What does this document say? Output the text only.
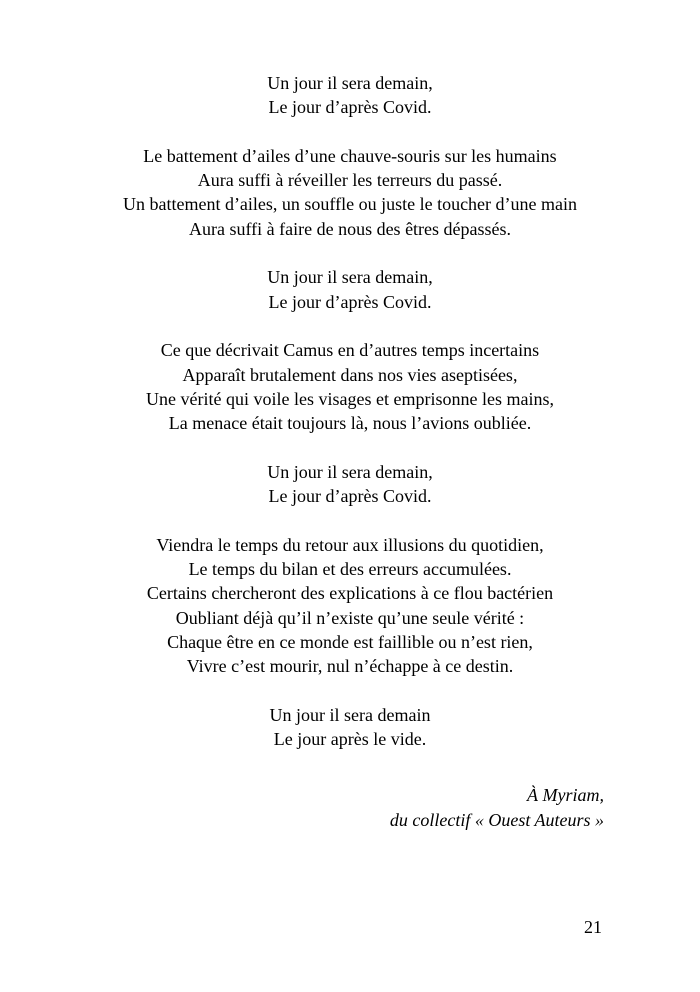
Un jour il sera demain,
Le jour d’après Covid.

Le battement d’ailes d’une chauve-souris sur les humains
Aura suffi à réveiller les terreurs du passé.
Un battement d’ailes, un souffle ou juste le toucher d’une main
Aura suffi à faire de nous des êtres dépassés.

Un jour il sera demain,
Le jour d’après Covid.

Ce que décrivait Camus en d’autres temps incertains
Apparaît brutalement dans nos vies aseptisées,
Une vérité qui voile les visages et emprisonne les mains,
La menace était toujours là, nous l’avions oubliée.

Un jour il sera demain,
Le jour d’après Covid.

Viendra le temps du retour aux illusions du quotidien,
Le temps du bilan et des erreurs accumulées.
Certains chercheront des explications à ce flou bactérien
Oubliant déjà qu’il n’existe qu’une seule vérité :
Chaque être en ce monde est faillible ou n’est rien,
Vivre c’est mourir, nul n’échappe à ce destin.

Un jour il sera demain
Le jour après le vide.

À Myriam,
du collectif « Ouest Auteurs »
21
